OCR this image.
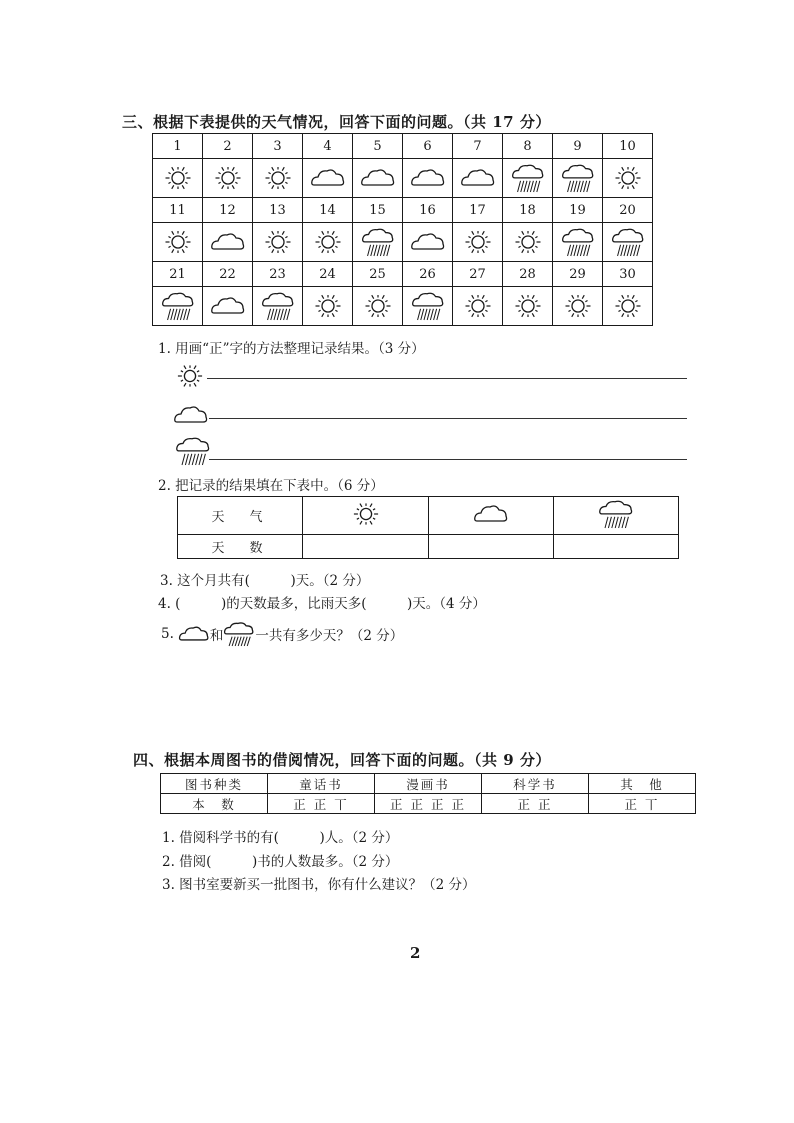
三、根据下表提供的天气情况，回答下面的问题。（共 17 分）
1	2	3	4	5	6	7	8	9	10

11	12	13	14	15	16	17	18	19	20

21	22	23	24	25	26	27	28	29	30

1. 用画“正”字的方法整理记录结果。（3 分）
2. 把记录的结果填在下表中。（6 分）
天　气			
天　数			
3. 这个月共有(　　　)天。（2 分）
4. (　　　)的天数最多，比雨天多(　　　)天。（4 分）
5.	和 一共有多少天？（2 分）
四、根据本周图书的借阅情况，回答下面的问题。（共 9 分）
图书种类	童话书	漫画书	科学书	其　他
本　数	正 正 丅	正 正 正 正	正 正	正 丅
1. 借阅科学书的有(　　　)人。（2 分）
2. 借阅(　　　)书的人数最多。（2 分）
3. 图书室要新买一批图书，你有什么建议？（2 分）
2
